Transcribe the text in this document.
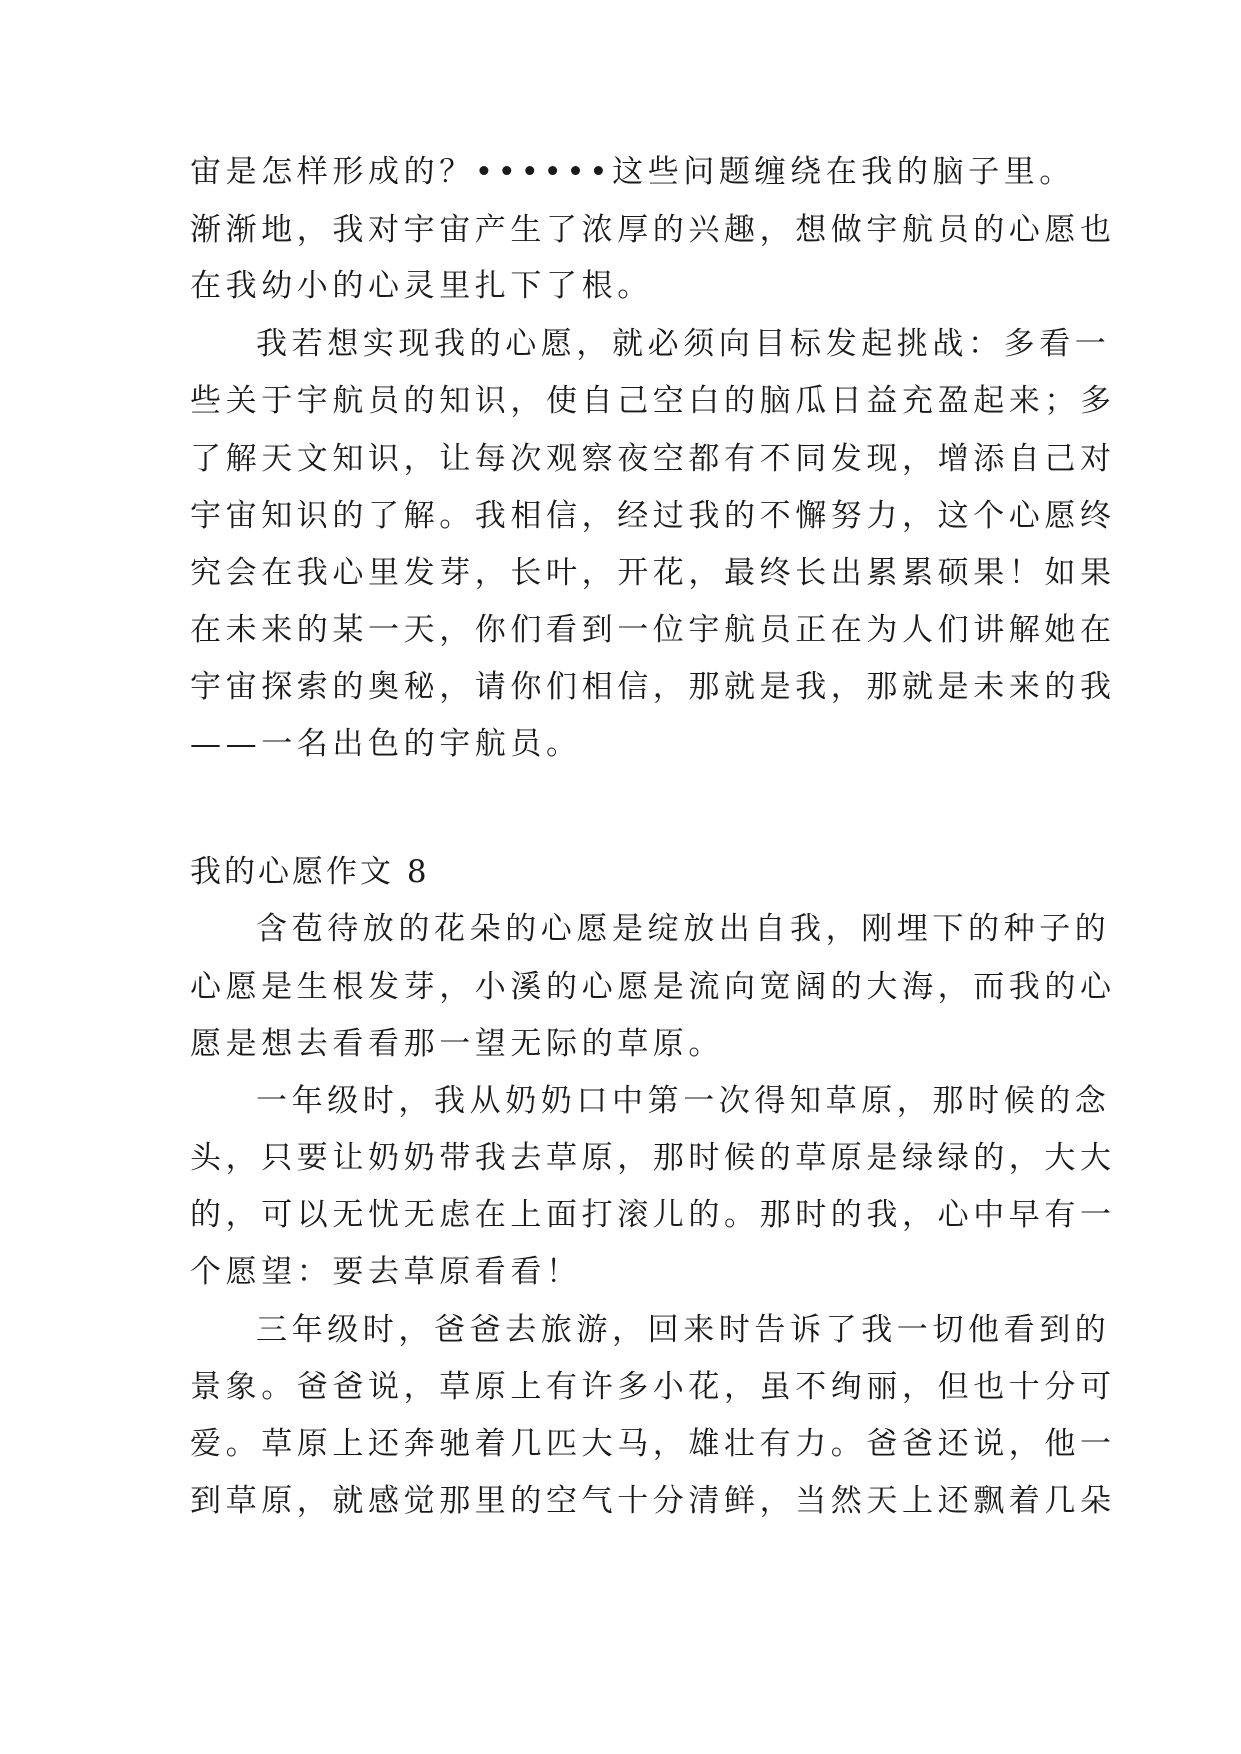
宙是怎样形成的？••••••这些问题缠绕在我的脑子里。

渐渐地，我对宇宙产生了浓厚的兴趣，想做宇航员的心愿也

在我幼小的心灵里扎下了根。

我若想实现我的心愿，就必须向目标发起挑战：多看一

些关于宇航员的知识，使自己空白的脑瓜日益充盈起来；多

了解天文知识，让每次观察夜空都有不同发现，增添自己对

宇宙知识的了解。我相信，经过我的不懈努力，这个心愿终

究会在我心里发芽，长叶，开花，最终长出累累硕果！如果

在未来的某一天，你们看到一位宇航员正在为人们讲解她在

宇宙探索的奥秘，请你们相信，那就是我，那就是未来的我

——一名出色的宇航员。

我的心愿作文 8

含苞待放的花朵的心愿是绽放出自我，刚埋下的种子的

心愿是生根发芽，小溪的心愿是流向宽阔的大海，而我的心

愿是想去看看那一望无际的草原。

一年级时，我从奶奶口中第一次得知草原，那时候的念

头，只要让奶奶带我去草原，那时候的草原是绿绿的，大大

的，可以无忧无虑在上面打滚儿的。那时的我，心中早有一

个愿望：要去草原看看！

三年级时，爸爸去旅游，回来时告诉了我一切他看到的

景象。爸爸说，草原上有许多小花，虽不绚丽，但也十分可

爱。草原上还奔驰着几匹大马，雄壮有力。爸爸还说，他一

到草原，就感觉那里的空气十分清鲜，当然天上还飘着几朵
